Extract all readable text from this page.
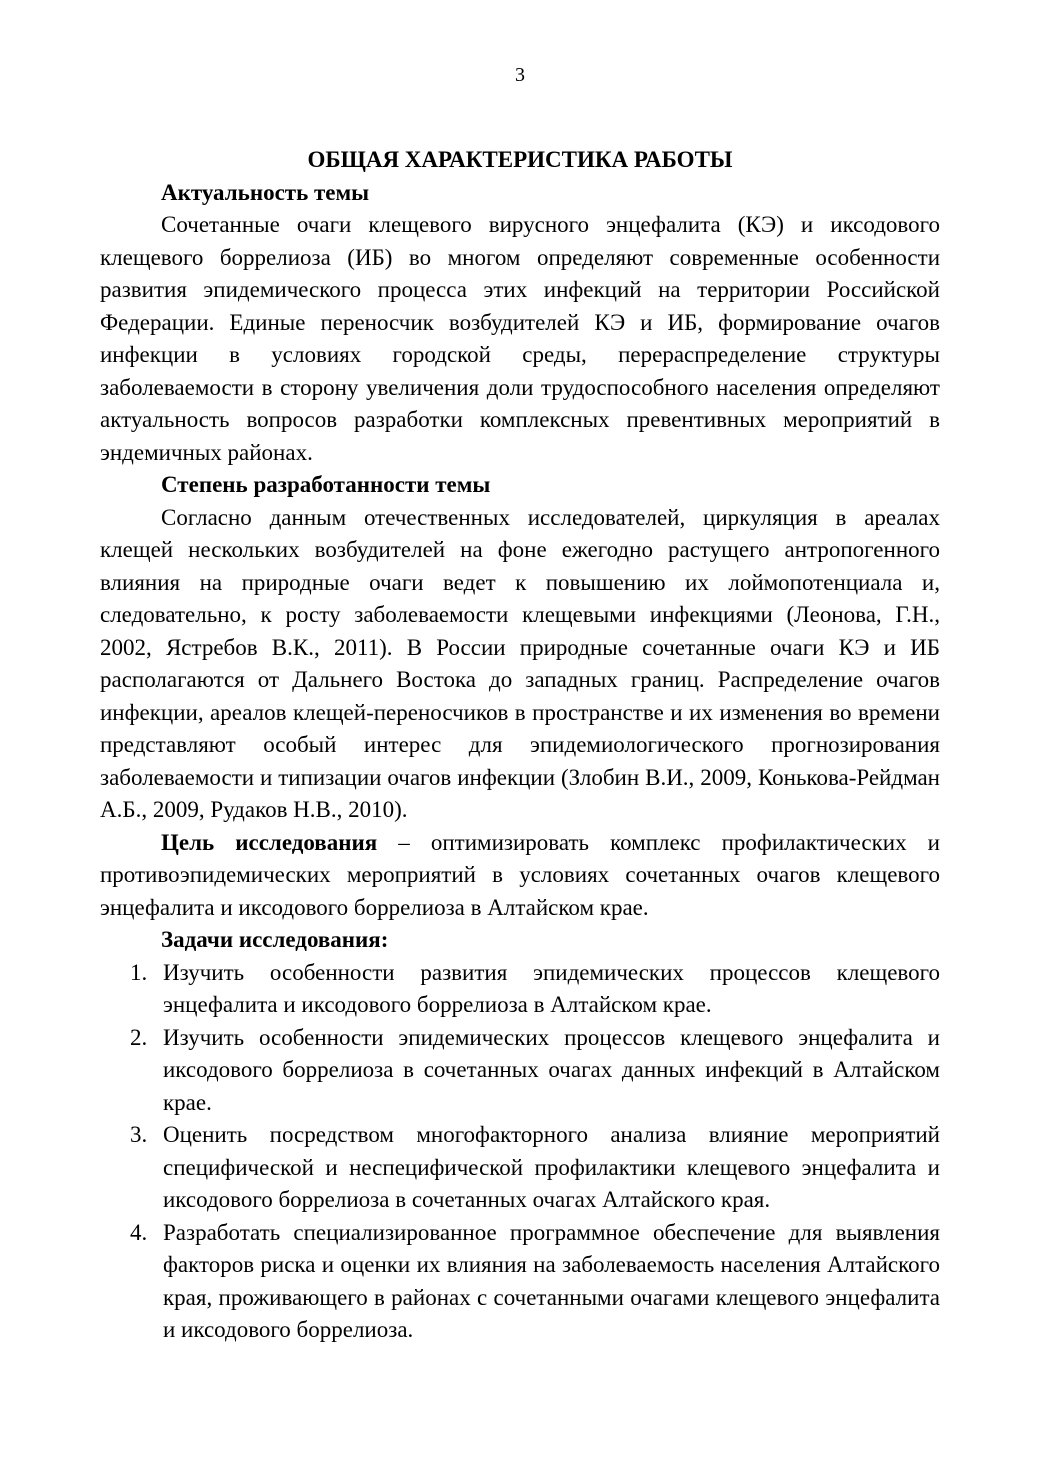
3
ОБЩАЯ ХАРАКТЕРИСТИКА РАБОТЫ
Актуальность темы

Сочетанные очаги клещевого вирусного энцефалита (КЭ) и иксодового клещевого боррелиоза (ИБ) во многом определяют современные особенности развития эпидемического процесса этих инфекций на территории Российской Федерации. Единые переносчик возбудителей КЭ и ИБ, формирование очагов инфекции в условиях городской среды, перераспределение структуры заболеваемости в сторону увеличения доли трудоспособного населения определяют актуальность вопросов разработки комплексных превентивных мероприятий в эндемичных районах.

Степень разработанности темы

Согласно данным отечественных исследователей, циркуляция в ареалах клещей нескольких возбудителей на фоне ежегодно растущего антропогенного влияния на природные очаги ведет к повышению их лоймопотенциала и, следовательно, к росту заболеваемости клещевыми инфекциями (Леонова, Г.Н., 2002, Ястребов В.К., 2011). В России природные сочетанные очаги КЭ и ИБ располагаются от Дальнего Востока до западных границ. Распределение очагов инфекции, ареалов клещей-переносчиков в пространстве и их изменения во времени представляют особый интерес для эпидемиологического прогнозирования заболеваемости и типизации очагов инфекции (Злобин В.И., 2009, Конькова-Рейдман А.Б., 2009, Рудаков Н.В., 2010).

Цель исследования – оптимизировать комплекс профилактических и противоэпидемических мероприятий в условиях сочетанных очагов клещевого энцефалита и иксодового боррелиоза в Алтайском крае.

Задачи исследования:
1. Изучить особенности развития эпидемических процессов клещевого энцефалита и иксодового боррелиоза в Алтайском крае.
2. Изучить особенности эпидемических процессов клещевого энцефалита и иксодового боррелиоза в сочетанных очагах данных инфекций в Алтайском крае.
3. Оценить посредством многофакторного анализа влияние мероприятий специфической и неспецифической профилактики клещевого энцефалита и иксодового боррелиоза в сочетанных очагах Алтайского края.
4. Разработать специализированное программное обеспечение для выявления факторов риска и оценки их влияния на заболеваемость населения Алтайского края, проживающего в районах с сочетанными очагами клещевого энцефалита и иксодового боррелиоза.
